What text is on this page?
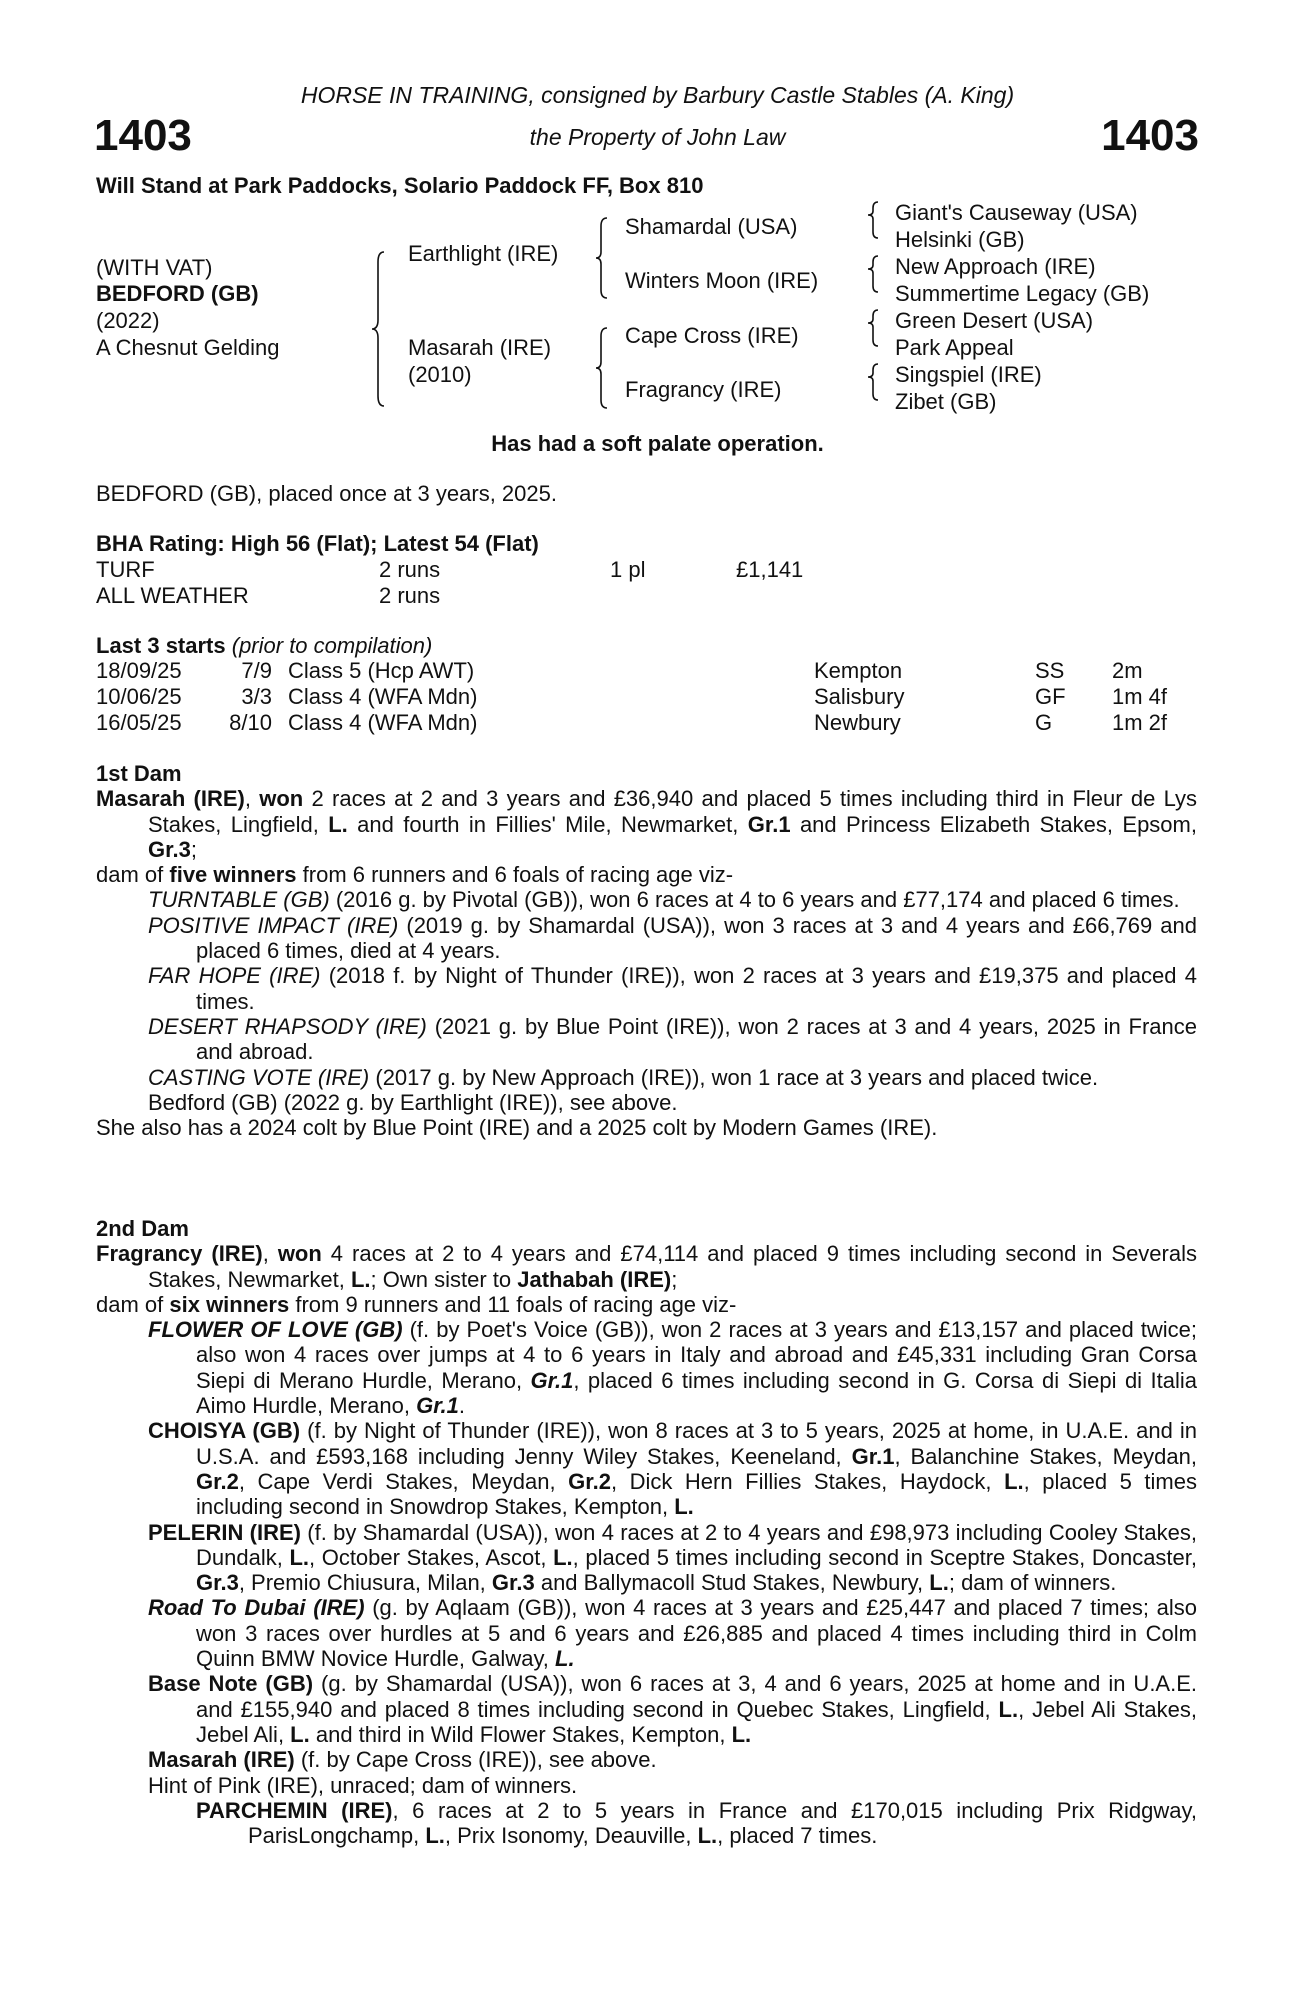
HORSE IN TRAINING, consigned by Barbury Castle Stables (A. King)
1403	the Property of John Law	1403
Will Stand at Park Paddocks, Solario Paddock FF, Box 810
(WITH VAT)
BEDFORD (GB)
(2022)
A Chesnut Gelding
Earthlight (IRE)
Masarah (IRE)
(2010)
Shamardal (USA)
Winters Moon (IRE)
Cape Cross (IRE)
Fragrancy (IRE)
Giant's Causeway (USA)
Helsinki (GB)
New Approach (IRE)
Summertime Legacy (GB)
Green Desert (USA)
Park Appeal
Singspiel (IRE)
Zibet (GB)
Has had a soft palate operation.
BEDFORD (GB), placed once at 3 years, 2025.
BHA Rating: High 56 (Flat); Latest 54 (Flat)
TURF	2 runs	1 pl	£1,141
ALL WEATHER	2 runs
Last 3 starts (prior to compilation)
18/09/25	7/9 Class 5 (Hcp AWT)	Kempton	SS 2m
10/06/25	3/3 Class 4 (WFA Mdn)	Salisbury	GF 1m 4f
16/05/25 8/10 Class 4 (WFA Mdn)	Newbury	G	1m 2f
1st Dam
Masarah (IRE), won 2 races at 2 and 3 years and £36,940 and placed 5 times including third in Fleur de Lys Stakes, Lingfield, L. and fourth in Fillies' Mile, Newmarket, Gr.1 and Princess Elizabeth Stakes, Epsom, Gr.3;
dam of five winners from 6 runners and 6 foals of racing age viz-
TURNTABLE (GB) (2016 g. by Pivotal (GB)), won 6 races at 4 to 6 years and £77,174 and placed 6 times.
POSITIVE IMPACT (IRE) (2019 g. by Shamardal (USA)), won 3 races at 3 and 4 years and £66,769 and placed 6 times, died at 4 years.
FAR HOPE (IRE) (2018 f. by Night of Thunder (IRE)), won 2 races at 3 years and £19,375 and placed 4 times.
DESERT RHAPSODY (IRE) (2021 g. by Blue Point (IRE)), won 2 races at 3 and 4 years, 2025 in France and abroad.
CASTING VOTE (IRE) (2017 g. by New Approach (IRE)), won 1 race at 3 years and placed twice.
Bedford (GB) (2022 g. by Earthlight (IRE)), see above.
She also has a 2024 colt by Blue Point (IRE) and a 2025 colt by Modern Games (IRE).
2nd Dam
Fragrancy (IRE), won 4 races at 2 to 4 years and £74,114 and placed 9 times including second in Severals Stakes, Newmarket, L.; Own sister to Jathabah (IRE);
dam of six winners from 9 runners and 11 foals of racing age viz-
FLOWER OF LOVE (GB) (f. by Poet's Voice (GB)), won 2 races at 3 years and £13,157 and placed twice; also won 4 races over jumps at 4 to 6 years in Italy and abroad and £45,331 including Gran Corsa Siepi di Merano Hurdle, Merano, Gr.1, placed 6 times including second in G. Corsa di Siepi di Italia Aimo Hurdle, Merano, Gr.1.
CHOISYA (GB) (f. by Night of Thunder (IRE)), won 8 races at 3 to 5 years, 2025 at home, in U.A.E. and in U.S.A. and £593,168 including Jenny Wiley Stakes, Keeneland, Gr.1, Balanchine Stakes, Meydan, Gr.2, Cape Verdi Stakes, Meydan, Gr.2, Dick Hern Fillies Stakes, Haydock, L., placed 5 times including second in Snowdrop Stakes, Kempton, L.
PELERIN (IRE) (f. by Shamardal (USA)), won 4 races at 2 to 4 years and £98,973 including Cooley Stakes, Dundalk, L., October Stakes, Ascot, L., placed 5 times including second in Sceptre Stakes, Doncaster, Gr.3, Premio Chiusura, Milan, Gr.3 and Ballymacoll Stud Stakes, Newbury, L.; dam of winners.
Road To Dubai (IRE) (g. by Aqlaam (GB)), won 4 races at 3 years and £25,447 and placed 7 times; also won 3 races over hurdles at 5 and 6 years and £26,885 and placed 4 times including third in Colm Quinn BMW Novice Hurdle, Galway, L.
Base Note (GB) (g. by Shamardal (USA)), won 6 races at 3, 4 and 6 years, 2025 at home and in U.A.E. and £155,940 and placed 8 times including second in Quebec Stakes, Lingfield, L., Jebel Ali Stakes, Jebel Ali, L. and third in Wild Flower Stakes, Kempton, L.
Masarah (IRE) (f. by Cape Cross (IRE)), see above.
Hint of Pink (IRE), unraced; dam of winners.
PARCHEMIN (IRE), 6 races at 2 to 5 years in France and £170,015 including Prix Ridgway, ParisLongchamp, L., Prix Isonomy, Deauville, L., placed 7 times.
